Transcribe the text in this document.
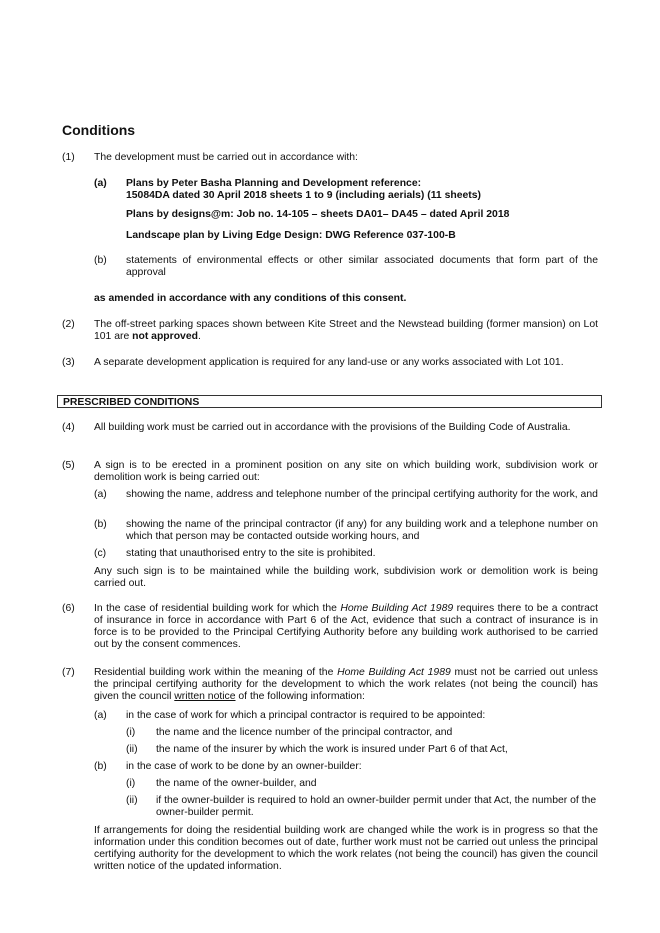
Conditions
(1) The development must be carried out in accordance with:
(a) Plans by Peter Basha Planning and Development reference:
15084DA dated 30 April 2018 sheets 1 to 9 (including aerials) (11 sheets)
Plans by designs@m: Job no. 14-105 – sheets DA01– DA45 – dated April 2018
Landscape plan by Living Edge Design: DWG Reference 037-100-B
(b) statements of environmental effects or other similar associated documents that form part of the approval
as amended in accordance with any conditions of this consent.
(2) The off-street parking spaces shown between Kite Street and the Newstead building (former mansion) on Lot 101 are not approved.
(3) A separate development application is required for any land-use or any works associated with Lot 101.
PRESCRIBED CONDITIONS
(4) All building work must be carried out in accordance with the provisions of the Building Code of Australia.
(5) A sign is to be erected in a prominent position on any site on which building work, subdivision work or demolition work is being carried out:
(a) showing the name, address and telephone number of the principal certifying authority for the work, and
(b) showing the name of the principal contractor (if any) for any building work and a telephone number on which that person may be contacted outside working hours, and
(c) stating that unauthorised entry to the site is prohibited.
Any such sign is to be maintained while the building work, subdivision work or demolition work is being carried out.
(6) In the case of residential building work for which the Home Building Act 1989 requires there to be a contract of insurance in force in accordance with Part 6 of the Act, evidence that such a contract of insurance is in force is to be provided to the Principal Certifying Authority before any building work authorised to be carried out by the consent commences.
(7) Residential building work within the meaning of the Home Building Act 1989 must not be carried out unless the principal certifying authority for the development to which the work relates (not being the council) has given the council written notice of the following information:
(a) in the case of work for which a principal contractor is required to be appointed:
(i) the name and the licence number of the principal contractor, and
(ii) the name of the insurer by which the work is insured under Part 6 of that Act,
(b) in the case of work to be done by an owner-builder:
(i) the name of the owner-builder, and
(ii) if the owner-builder is required to hold an owner-builder permit under that Act, the number of the owner-builder permit.
If arrangements for doing the residential building work are changed while the work is in progress so that the information under this condition becomes out of date, further work must not be carried out unless the principal certifying authority for the development to which the work relates (not being the council) has given the council written notice of the updated information.
